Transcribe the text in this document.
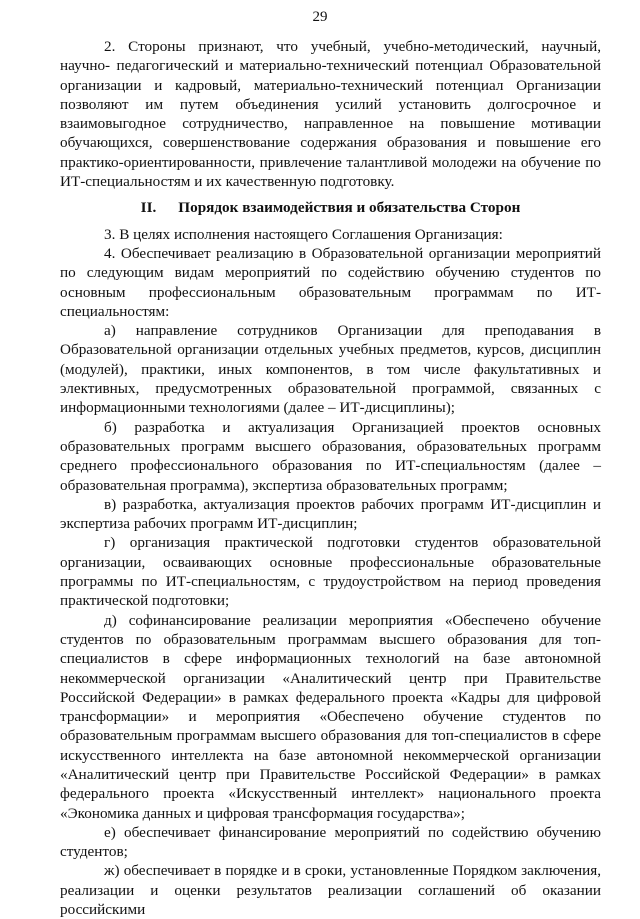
29

2. Стороны признают, что учебный, учебно-методический, научный, научно- педагогический и материально-технический потенциал Образовательной организации и кадровый, материально-технический потенциал Организации позволяют им путем объединения усилий установить долгосрочное и взаимовыгодное сотрудничество, направленное на повышение мотивации обучающихся, совершенствование содержания образования и повышение его практико-ориентированности, привлечение талантливой молодежи на обучение по ИТ-специальностям и их качественную подготовку.

II. Порядок взаимодействия и обязательства Сторон

3. В целях исполнения настоящего Соглашения Организация:

4. Обеспечивает реализацию в Образовательной организации мероприятий по следующим видам мероприятий по содействию обучению студентов по основным профессиональным образовательным программам по ИТ-специальностям:

а) направление сотрудников Организации для преподавания в Образовательной организации отдельных учебных предметов, курсов, дисциплин (модулей), практики, иных компонентов, в том числе факультативных и элективных, предусмотренных образовательной программой, связанных с информационными технологиями (далее – ИТ-дисциплины);

б) разработка и актуализация Организацией проектов основных образовательных программ высшего образования, образовательных программ среднего профессионального образования по ИТ-специальностям (далее – образовательная программа), экспертиза образовательных программ;

в) разработка, актуализация проектов рабочих программ ИТ-дисциплин и экспертиза рабочих программ ИТ-дисциплин;

г) организация практической подготовки студентов образовательной организации, осваивающих основные профессиональные образовательные программы по ИТ-специальностям, с трудоустройством на период проведения практической подготовки;

д) софинансирование реализации мероприятия «Обеспечено обучение студентов по образовательным программам высшего образования для топ-специалистов в сфере информационных технологий на базе автономной некоммерческой организации «Аналитический центр при Правительстве Российской Федерации» в рамках федерального проекта «Кадры для цифровой трансформации» и мероприятия «Обеспечено обучение студентов по образовательным программам высшего образования для топ-специалистов в сфере искусственного интеллекта на базе автономной некоммерческой организации «Аналитический центр при Правительстве Российской Федерации» в рамках федерального проекта «Искусственный интеллект» национального проекта «Экономика данных и цифровая трансформация государства»;

е) обеспечивает финансирование мероприятий по содействию обучению студентов;

ж) обеспечивает в порядке и в сроки, установленные Порядком заключения, реализации и оценки результатов реализации соглашений об оказании российскими
